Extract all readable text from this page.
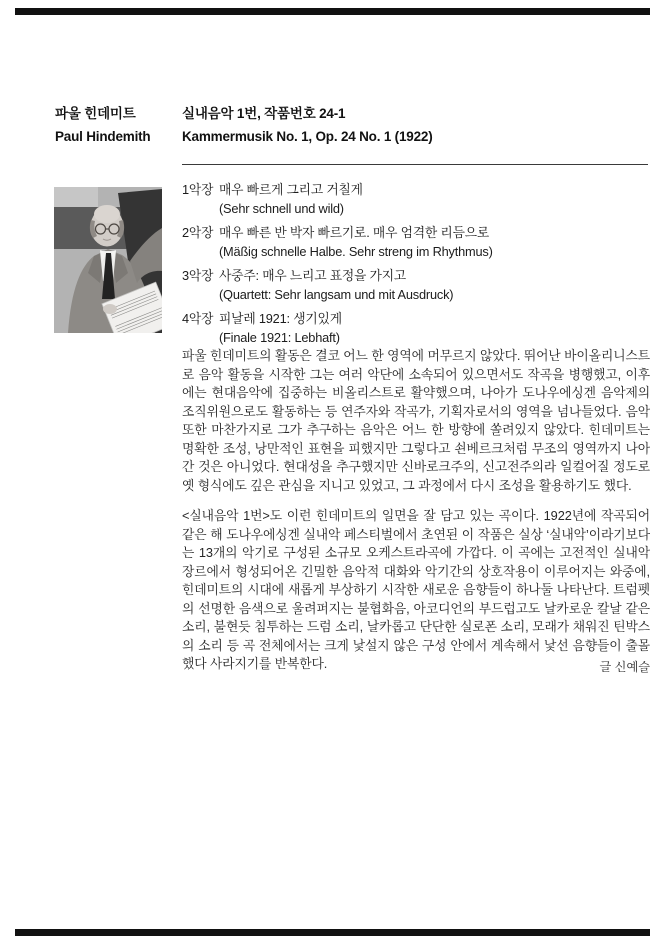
파울 힌데미트
Paul Hindemith
실내음악 1번, 작품번호 24-1
Kammermusik No. 1, Op. 24 No. 1 (1922)
1악장 매우 빠르게 그리고 거칠게
(Sehr schnell und wild)
2악장 매우 빠른 반 박자 빠르기로. 매우 엄격한 리듬으로
(Mäßig schnelle Halbe. Sehr streng im Rhythmus)
3악장 사중주: 매우 느리고 표정을 가지고
(Quartett: Sehr langsam und mit Ausdruck)
4악장 피날레 1921: 생기있게
(Finale 1921: Lebhaft)

파울 힌데미트의 활동은 결코 어느 한 영역에 머무르지 않았다. 뛰어난 바이올리니스트로 음악 활동을 시작한 그는 여러 악단에 소속되어 있으면서도 작곡을 병행했고, 이후에는 현대음악에 집중하는 비올리스트로 활약했으며, 나아가 도나우에싱겐 음악제의 조직위원으로도 활동하는 등 연주자와 작곡가, 기획자로서의 영역을 넘나들었다. 음악 또한 마찬가지로 그가 추구하는 음악은 어느 한 방향에 쏠려있지 않았다. 힌데미트는 명확한 조성, 낭만적인 표현을 피했지만 그렇다고 쇤베르크처럼 무조의 영역까지 나아간 것은 아니었다. 현대성을 추구했지만 신바로크주의, 신고전주의라 일컬어질 정도로 옛 형식에도 깊은 관심을 지니고 있었고, 그 과정에서 다시 조성을 활용하기도 했다.

<실내음악 1번>도 이런 힌데미트의 일면을 잘 담고 있는 곡이다. 1922년에 작곡되어 같은 해 도나우에싱겐 실내악 페스티벌에서 초연된 이 작품은 실상 ‘실내악’이라기보다는 13개의 악기로 구성된 소규모 오케스트라곡에 가깝다. 이 곡에는 고전적인 실내악 장르에서 형성되어온 긴밀한 음악적 대화와 악기간의 상호작용이 이루어지는 와중에, 힌데미트의 시대에 새롭게 부상하기 시작한 새로운 음향들이 하나둘 나타난다. 트럼펫의 선명한 음색으로 울려퍼지는 불협화음, 아코디언의 부드럽고도 날카로운 칼날 같은 소리, 불현듯 침투하는 드럼 소리, 날카롭고 단단한 실로폰 소리, 모래가 채워진 틴박스의 소리 등 곡 전체에서는 크게 낯설지 않은 구성 안에서 계속해서 낯선 음향들이 출몰했다 사라지기를 반복한다.	글 신예슬
